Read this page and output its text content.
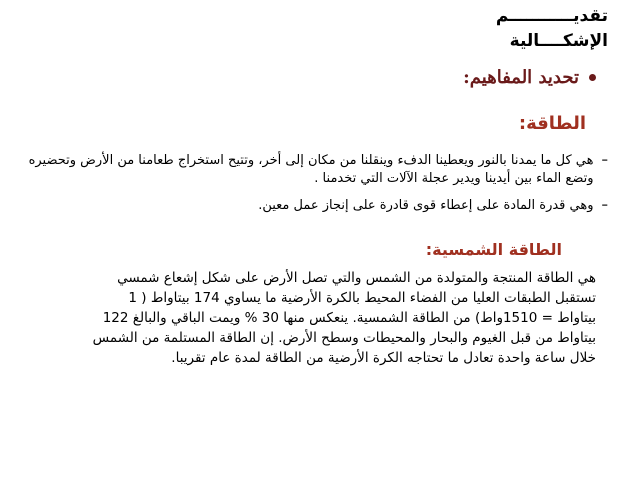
تقديـــــــــــم
الإشكــــالية
تحديد المفاهيم:
الطاقة:
–
هي كل ما يمدنا بالنور ويعطينا الدفء وينقلنا من مكان إلى أخر، وتتيح استخراج طعامنا من الأرض وتحضيره وتضع الماء بين أيدينا ويدير عجلة الآلات التي تخدمنا .
–
وهي قدرة المادة على إعطاء قوى قادرة على إنجاز عمل معين.
الطاقة الشمسية:
هي الطاقة المنتجة والمتولدة من الشمس والتي تصل الأرض على شكل إشعاع شمسي
تستقبل الطبقات العليا من الفضاء المحيط بالكرة الأرضية ما يساوي 174 بيتاواط ( 1
بيتاواط = 1510واط) من الطاقة الشمسية. ينعكس منها 30 % ويمت الباقي والبالغ 122
بيتاواط من قبل الغيوم والبحار والمحيطات وسطح الأرض. إن الطاقة المستلمة من الشمس
خلال ساعة واحدة تعادل ما تحتاجه الكرة الأرضية من الطاقة لمدة عام تقريبا.
